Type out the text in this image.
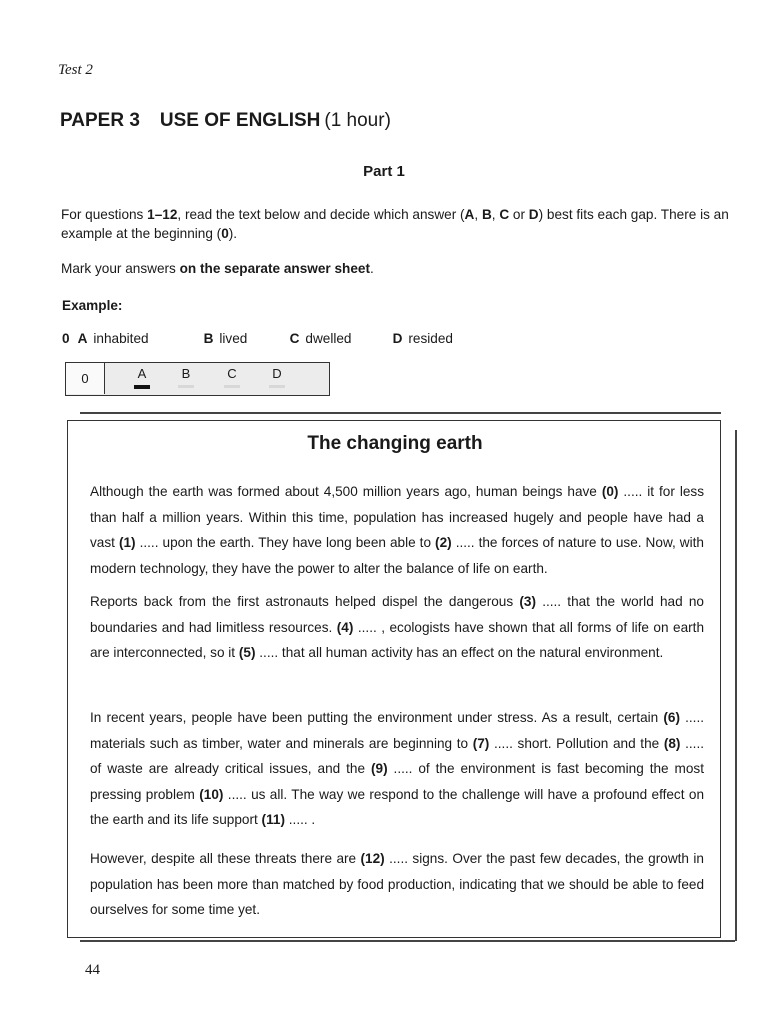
Test 2
PAPER 3 USE OF ENGLISH (1 hour)
Part 1
For questions 1–12, read the text below and decide which answer (A, B, C or D) best fits each gap. There is an example at the beginning (0).
Mark your answers on the separate answer sheet.
Example:
0 A inhabited	B lived	C dwelled	D resided
0	A	B	C	D
The changing earth
Although the earth was formed about 4,500 million years ago, human beings have (0) ..... it for less than half a million years. Within this time, population has increased hugely and people have had a vast (1) ..... upon the earth. They have long been able to (2) ..... the forces of nature to use. Now, with modern technology, they have the power to alter the balance of life on earth.
Reports back from the first astronauts helped dispel the dangerous (3) ..... that the world had no boundaries and had limitless resources. (4) ..... , ecologists have shown that all forms of life on earth are interconnected, so it (5) ..... that all human activity has an effect on the natural environment.
In recent years, people have been putting the environment under stress. As a result, certain (6) ..... materials such as timber, water and minerals are beginning to (7) ..... short. Pollution and the (8) ..... of waste are already critical issues, and the (9) ..... of the environment is fast becoming the most pressing problem (10) ..... us all. The way we respond to the challenge will have a profound effect on the earth and its life support (11) ..... .
However, despite all these threats there are (12) ..... signs. Over the past few decades, the growth in population has been more than matched by food production, indicating that we should be able to feed ourselves for some time yet.
44
